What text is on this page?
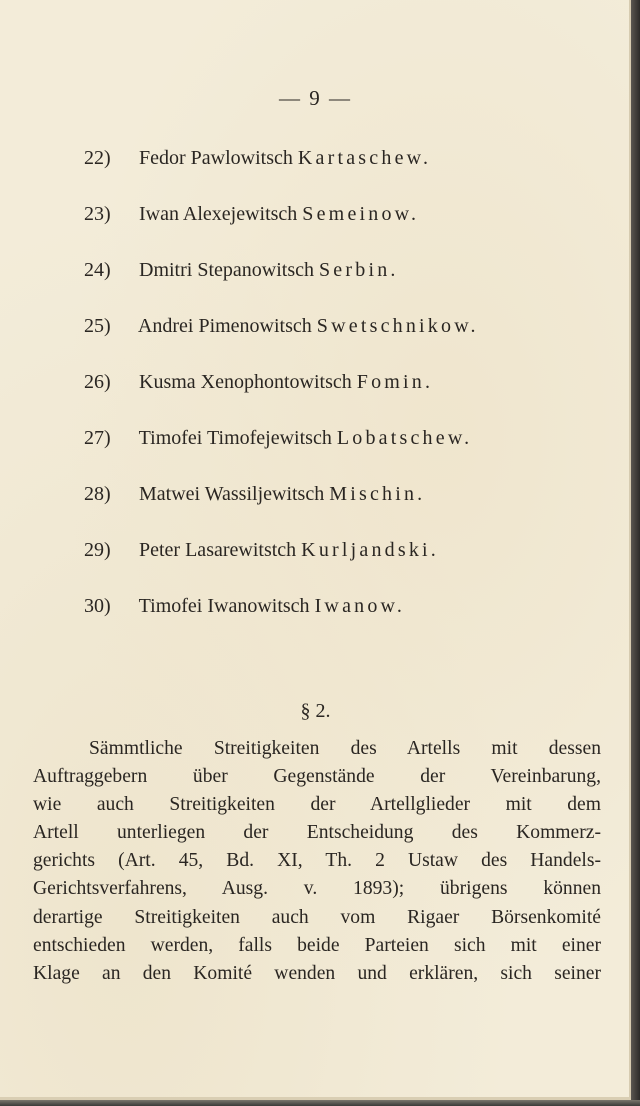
— 9 —
22) Fedor Pawlowitsch Kartaschew.
23) Iwan Alexejewitsch Semeinow.
24) Dmitri Stepanowitsch Serbin.
25) Andrei Pimenowitsch Swetschnikow.
26) Kusma Xenophontowitsch Fomin.
27) Timofei Timofejewitsch Lobatschew.
28) Matwei Wassiljewitsch Mischin.
29) Peter Lasarewitstch Kurljandski.
30) Timofei Iwanowitsch Iwanow.
§ 2.
Sämmtliche Streitigkeiten des Artells mit dessen
Auftraggebern über Gegenstände der Vereinbarung,
wie auch Streitigkeiten der Artellglieder mit dem
Artell unterliegen der Entscheidung des Kommerz-
gerichts (Art. 45, Bd. XI, Th. 2 Ustaw des Handels-
Gerichtsverfahrens, Ausg. v. 1893); übrigens können
derartige Streitigkeiten auch vom Rigaer Börsenkomité
entschieden werden, falls beide Parteien sich mit einer
Klage an den Komité wenden und erklären, sich seiner
